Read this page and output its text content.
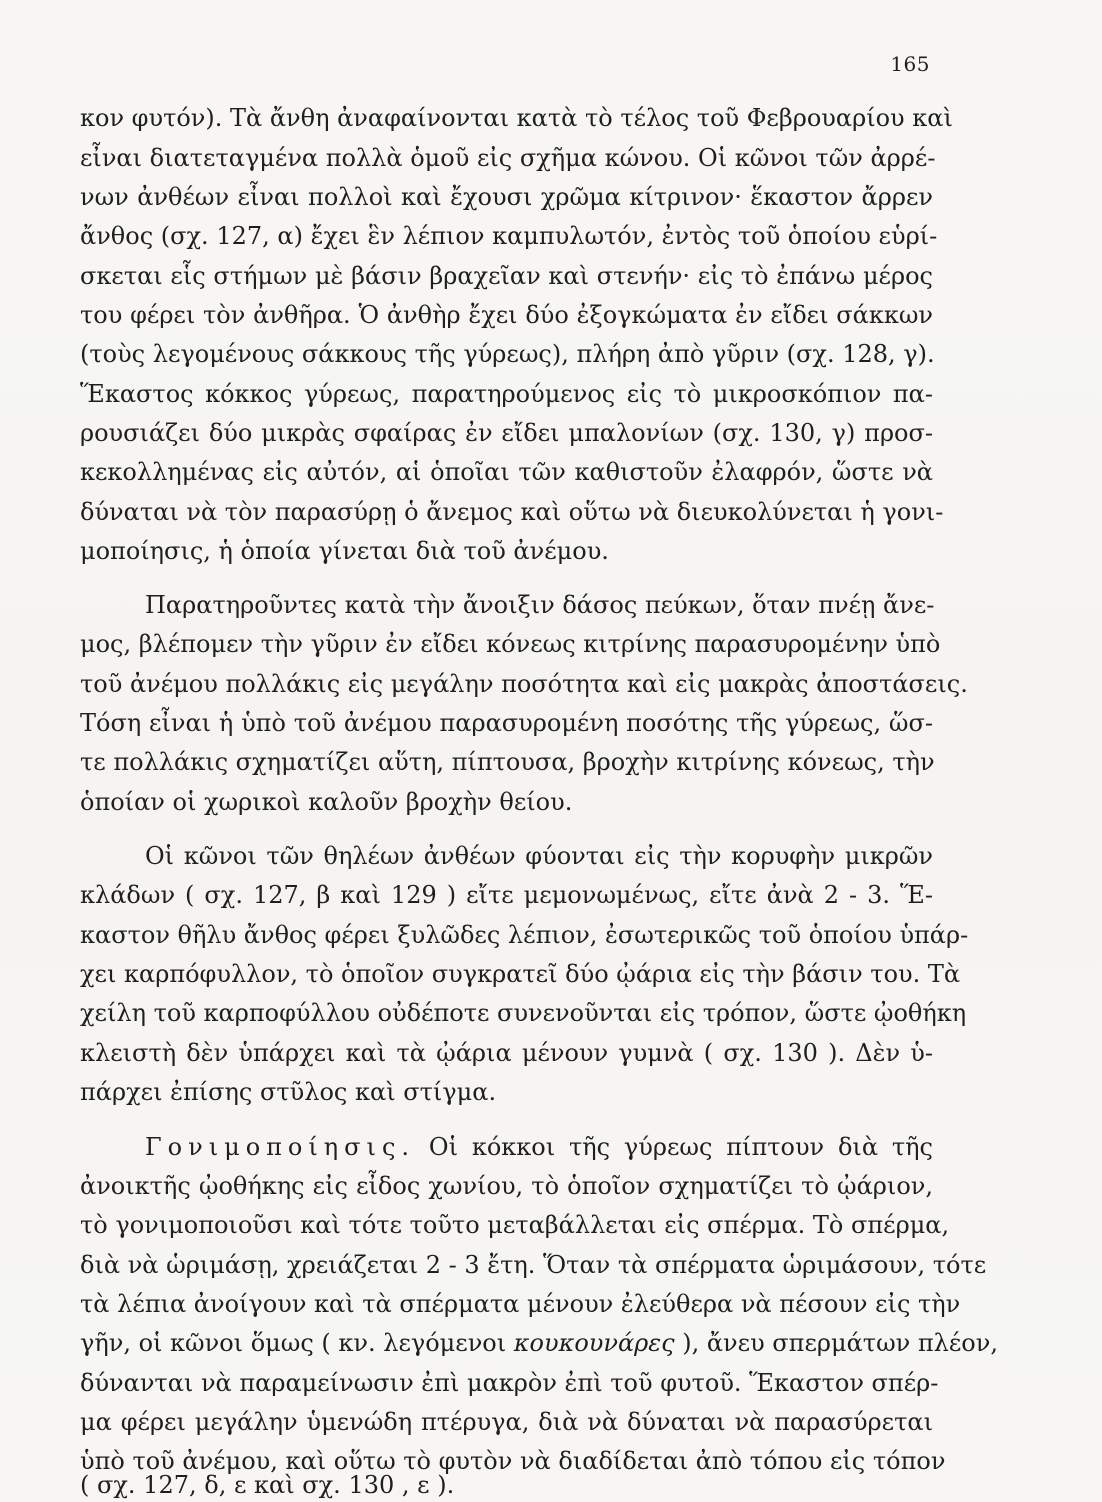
165
κον φυτόν). Τὰ ἄνθη ἀναφαίνονται κατὰ τὸ τέλος τοῦ Φεβρουαρίου καὶ
εἶναι διατεταγμένα πολλὰ ὁμοῦ εἰς σχῆμα κώνου. Οἱ κῶνοι τῶν ἀρρέ-
νων ἀνθέων εἶναι πολλοὶ καὶ ἔχουσι χρῶμα κίτρινον· ἕκαστον ἄρρεν
ἄνθος (σχ. 127, α) ἔχει ἓν λέπιον καμπυλωτόν, ἐντὸς τοῦ ὁποίου εὑρί-
σκεται εἷς στήμων μὲ βάσιν βραχεῖαν καὶ στενήν· εἰς τὸ ἐπάνω μέρος
του φέρει τὸν ἀνθῆρα. Ὁ ἀνθὴρ ἔχει δύο ἐξογκώματα ἐν εἴδει σάκκων
(τοὺς λεγομένους σάκκους τῆς γύρεως), πλήρη ἀπὸ γῦριν (σχ. 128, γ).
Ἕκαστος κόκκος γύρεως, παρατηρούμενος εἰς τὸ μικροσκόπιον πα-
ρουσιάζει δύο μικρὰς σφαίρας ἐν εἴδει μπαλονίων (σχ. 130, γ) προσ-
κεκολλημένας εἰς αὐτόν, αἱ ὁποῖαι τῶν καθιστοῦν ἐλαφρόν, ὥστε νὰ
δύναται νὰ τὸν παρασύρῃ ὁ ἄνεμος καὶ οὕτω νὰ διευκολύνεται ἡ γονι-
μοποίησις, ἡ ὁποία γίνεται διὰ τοῦ ἀνέμου.
Παρατηροῦντες κατὰ τὴν ἄνοιξιν δάσος πεύκων, ὅταν πνέῃ ἄνε-
μος, βλέπομεν τὴν γῦριν ἐν εἴδει κόνεως κιτρίνης παρασυρομένην ὑπὸ
τοῦ ἀνέμου πολλάκις εἰς μεγάλην ποσότητα καὶ εἰς μακρὰς ἀποστάσεις.
Τόση εἶναι ἡ ὑπὸ τοῦ ἀνέμου παρασυρομένη ποσότης τῆς γύρεως, ὥσ-
τε πολλάκις σχηματίζει αὕτη, πίπτουσα, βροχὴν κιτρίνης κόνεως, τὴν
ὁποίαν οἱ χωρικοὶ καλοῦν βροχὴν θείου.
Οἱ κῶνοι τῶν θηλέων ἀνθέων φύονται εἰς τὴν κορυφὴν μικρῶν
κλάδων ( σχ. 127, β καὶ 129 ) εἴτε μεμονωμένως, εἴτε ἀνὰ 2 - 3. Ἕ-
καστον θῆλυ ἄνθος φέρει ξυλῶδες λέπιον, ἐσωτερικῶς τοῦ ὁποίου ὑπάρ-
χει καρπόφυλλον, τὸ ὁποῖον συγκρατεῖ δύο ᾠάρια εἰς τὴν βάσιν του. Τὰ
χείλη τοῦ καρποφύλλου οὐδέποτε συνενοῦνται εἰς τρόπον, ὥστε ᾠοθήκη
κλειστὴ δὲν ὑπάρχει καὶ τὰ ᾠάρια μένουν γυμνὰ ( σχ. 130 ). Δὲν ὑ-
πάρχει ἐπίσης στῦλος καὶ στίγμα.
Γονιμοποίησις. Οἱ κόκκοι τῆς γύρεως πίπτουν διὰ τῆς
ἀνοικτῆς ᾠοθήκης εἰς εἶδος χωνίου, τὸ ὁποῖον σχηματίζει τὸ ᾠάριον,
τὸ γονιμοποιοῦσι καὶ τότε τοῦτο μεταβάλλεται εἰς σπέρμα. Τὸ σπέρμα,
διὰ νὰ ὡριμάσῃ, χρειάζεται 2 - 3 ἔτη. Ὅταν τὰ σπέρματα ὡριμάσουν, τότε
τὰ λέπια ἀνοίγουν καὶ τὰ σπέρματα μένουν ἐλεύθερα νὰ πέσουν εἰς τὴν
γῆν, οἱ κῶνοι ὅμως ( κν. λεγόμενοι κουκουνάρες ), ἄνευ σπερμάτων πλέον,
δύνανται νὰ παραμείνωσιν ἐπὶ μακρὸν ἐπὶ τοῦ φυτοῦ. Ἕκαστον σπέρ-
μα φέρει μεγάλην ὑμενώδη πτέρυγα, διὰ νὰ δύναται νὰ παρασύρεται
ὑπὸ τοῦ ἀνέμου, καὶ οὕτω τὸ φυτὸν νὰ διαδίδεται ἀπὸ τόπου εἰς τόπον
( σχ. 127, δ, ε καὶ σχ. 130 , ε ).
